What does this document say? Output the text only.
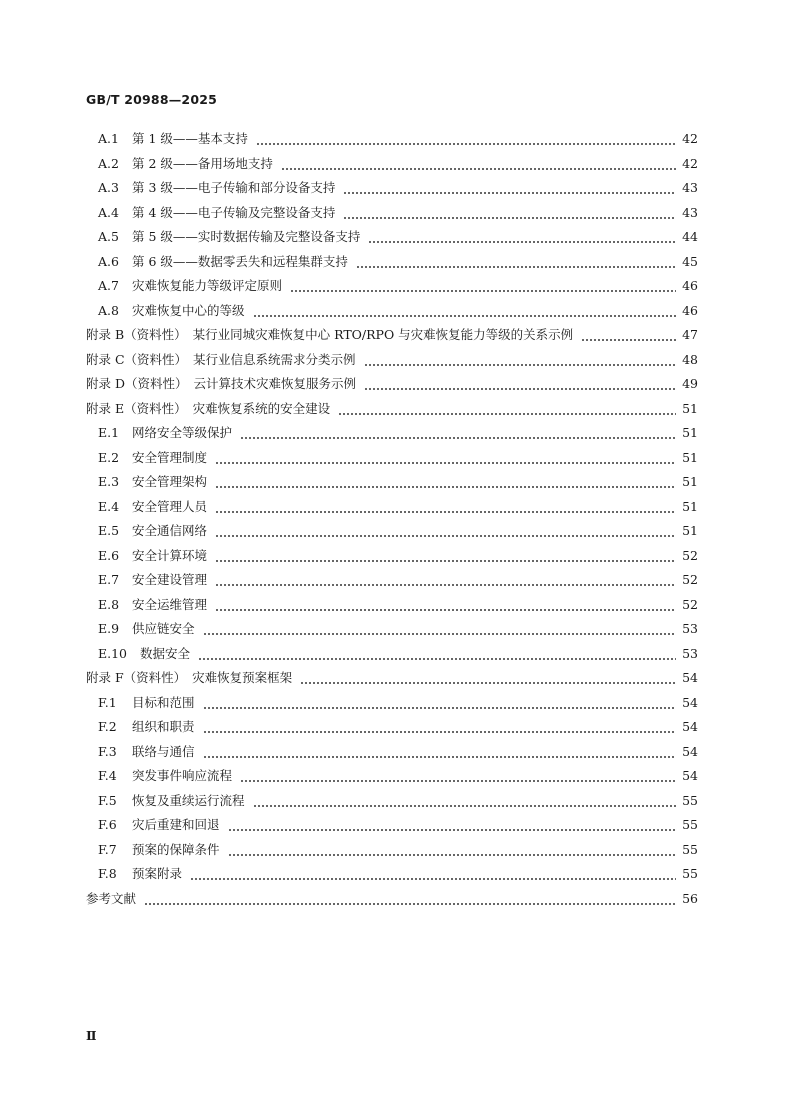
GB/T 20988—2025
A.1	第 1 级——基本支持	42
A.2	第 2 级——备用场地支持	42
A.3	第 3 级——电子传输和部分设备支持	43
A.4	第 4 级——电子传输及完整设备支持	43
A.5	第 5 级——实时数据传输及完整设备支持	44
A.6	第 6 级——数据零丢失和远程集群支持	45
A.7	灾难恢复能力等级评定原则	46
A.8	灾难恢复中心的等级	46
附录 B（资料性） 某行业同城灾难恢复中心 RTO/RPO 与灾难恢复能力等级的关系示例	47
附录 C（资料性） 某行业信息系统需求分类示例	48
附录 D（资料性） 云计算技术灾难恢复服务示例	49
附录 E（资料性） 灾难恢复系统的安全建设	51
E.1	网络安全等级保护	51
E.2	安全管理制度	51
E.3	安全管理架构	51
E.4	安全管理人员	51
E.5	安全通信网络	51
E.6	安全计算环境	52
E.7	安全建设管理	52
E.8	安全运维管理	52
E.9	供应链安全	53
E.10	数据安全	53
附录 F（资料性） 灾难恢复预案框架	54
F.1	目标和范围	54
F.2	组织和职责	54
F.3	联络与通信	54
F.4	突发事件响应流程	54
F.5	恢复及重续运行流程	55
F.6	灾后重建和回退	55
F.7	预案的保障条件	55
F.8	预案附录	55
参考文献	56
Ⅱ
